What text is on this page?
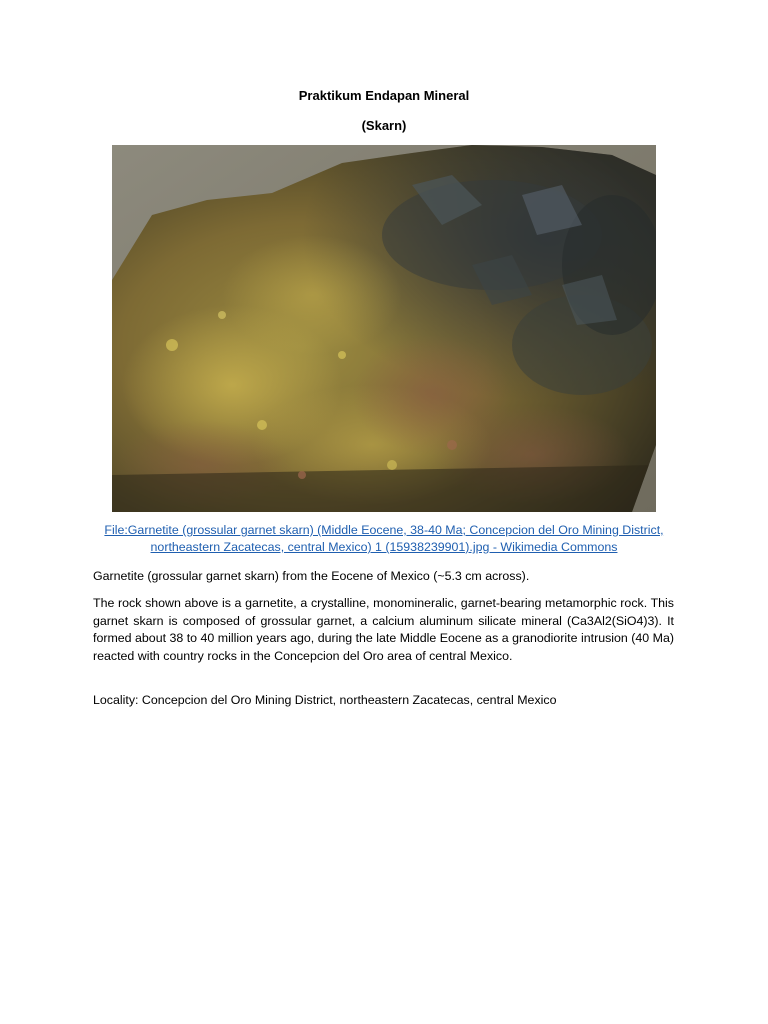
Praktikum Endapan Mineral
(Skarn)
File:Garnetite (grossular garnet skarn) (Middle Eocene, 38-40 Ma; Concepcion del Oro Mining District, northeastern Zacatecas, central Mexico) 1 (15938239901).jpg - Wikimedia Commons

Garnetite (grossular garnet skarn) from the Eocene of Mexico (~5.3 cm across).

The rock shown above is a garnetite, a crystalline, monomineralic, garnet-bearing metamorphic rock. This garnet skarn is composed of grossular garnet, a calcium aluminum silicate mineral (Ca3Al2(SiO4)3). It formed about 38 to 40 million years ago, during the late Middle Eocene as a granodiorite intrusion (40 Ma) reacted with country rocks in the Concepcion del Oro area of central Mexico.

Locality: Concepcion del Oro Mining District, northeastern Zacatecas, central Mexico
